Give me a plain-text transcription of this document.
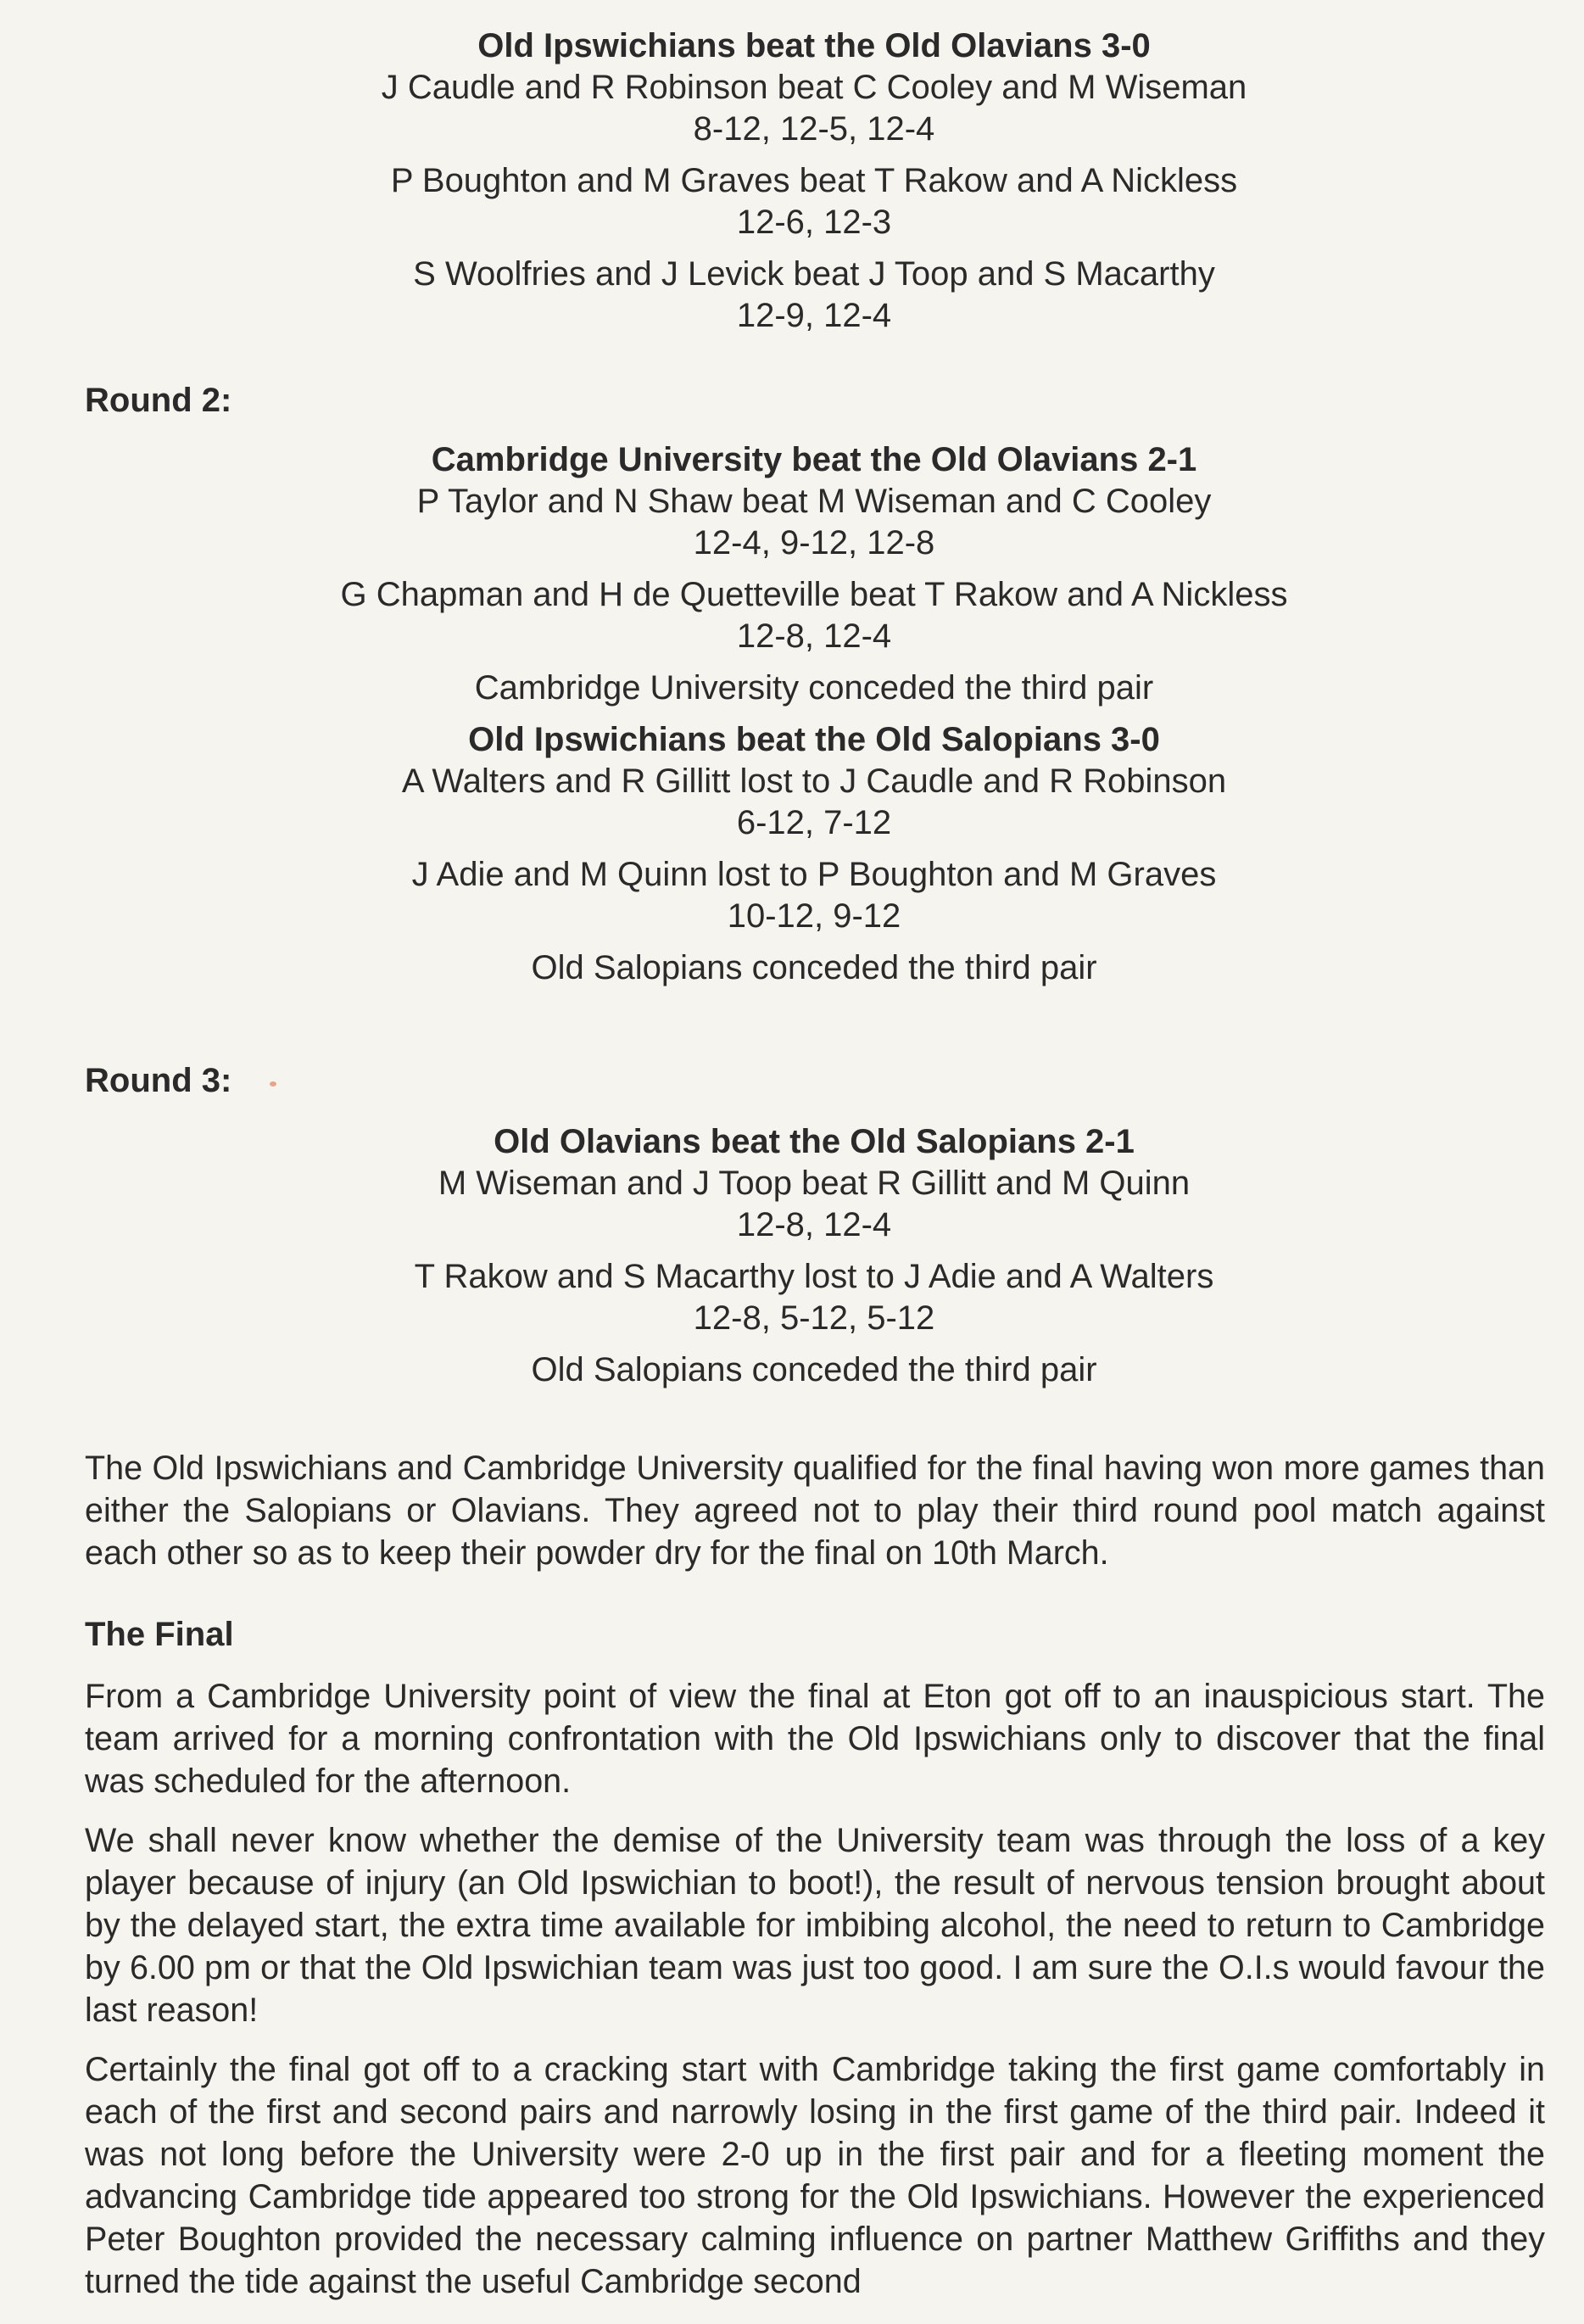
Old Ipswichians beat the Old Olavians 3-0
J Caudle and R Robinson beat C Cooley and M Wiseman
8-12, 12-5, 12-4
P Boughton and M Graves beat T Rakow and A Nickless
12-6, 12-3
S Woolfries and J Levick beat J Toop and S Macarthy
12-9, 12-4
Round 2:
Cambridge University beat the Old Olavians 2-1
P Taylor and N Shaw beat M Wiseman and C Cooley
12-4, 9-12, 12-8
G Chapman and H de Quetteville beat T Rakow and A Nickless
12-8, 12-4
Cambridge University conceded the third pair
Old Ipswichians beat the Old Salopians 3-0
A Walters and R Gillitt lost to J Caudle and R Robinson
6-12, 7-12
J Adie and M Quinn lost to P Boughton and M Graves
10-12, 9-12
Old Salopians conceded the third pair
Round 3:
Old Olavians beat the Old Salopians 2-1
M Wiseman and J Toop beat R Gillitt and M Quinn
12-8, 12-4
T Rakow and S Macarthy lost to J Adie and A Walters
12-8, 5-12, 5-12
Old Salopians conceded the third pair

The Old Ipswichians and Cambridge University qualified for the final having won more games than either the Salopians or Olavians. They agreed not to play their third round pool match against each other so as to keep their powder dry for the final on 10th March.

The Final

From a Cambridge University point of view the final at Eton got off to an inauspicious start. The team arrived for a morning confrontation with the Old Ipswichians only to discover that the final was scheduled for the afternoon.

We shall never know whether the demise of the University team was through the loss of a key player because of injury (an Old Ipswichian to boot!), the result of nervous tension brought about by the delayed start, the extra time available for imbibing alcohol, the need to return to Cambridge by 6.00 pm or that the Old Ipswichian team was just too good. I am sure the O.I.s would favour the last reason!

Certainly the final got off to a cracking start with Cambridge taking the first game comfortably in each of the first and second pairs and narrowly losing in the first game of the third pair. Indeed it was not long before the University were 2-0 up in the first pair and for a fleeting moment the advancing Cambridge tide appeared too strong for the Old Ipswichians. However the experienced Peter Boughton provided the necessary calming influence on partner Matthew Griffiths and they turned the tide against the useful Cambridge second
